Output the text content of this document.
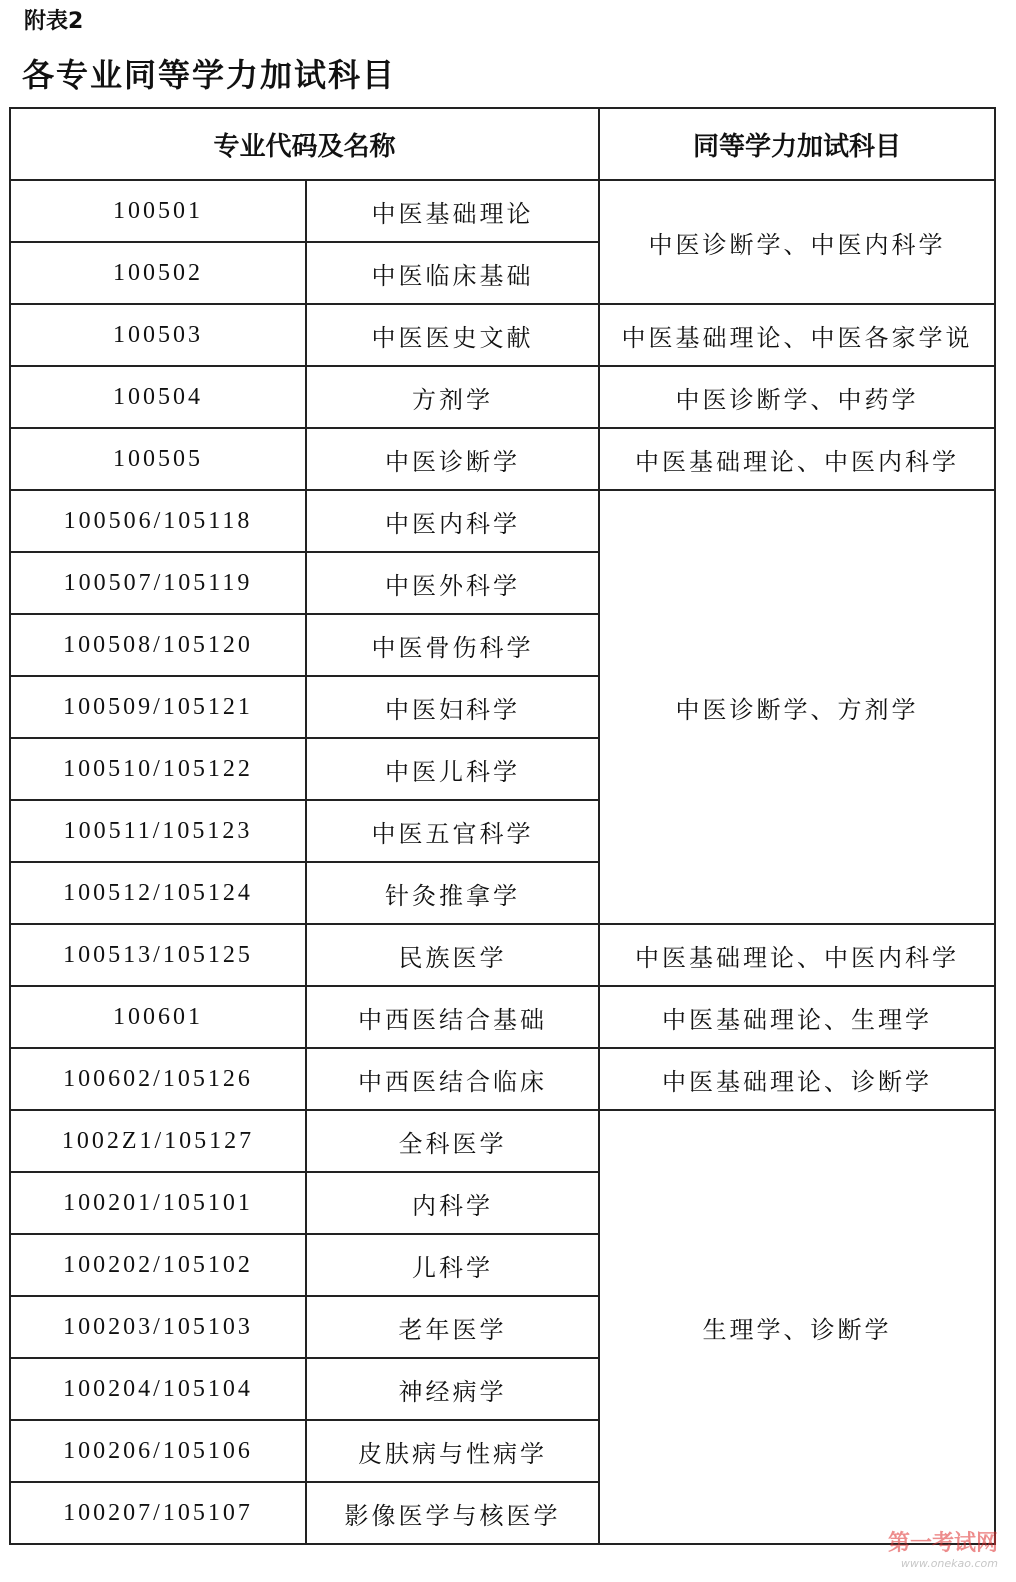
附表2
各专业同等学力加试科目
专业代码及名称		同等学力加试科目
100501	中医基础理论	中医诊断学、中医内科学
100502	中医临床基础	
100503	中医医史文献	中医基础理论、中医各家学说
100504	方剂学	中医诊断学、中药学
100505	中医诊断学	中医基础理论、中医内科学
100506/105118	中医内科学	中医诊断学、方剂学
100507/105119	中医外科学	
100508/105120	中医骨伤科学	
100509/105121	中医妇科学	
100510/105122	中医儿科学	
100511/105123	中医五官科学	
100512/105124	针灸推拿学	
100513/105125	民族医学	中医基础理论、中医内科学
100601	中西医结合基础	中医基础理论、生理学
100602/105126	中西医结合临床	中医基础理论、诊断学
1002Z1/105127	全科医学	生理学、诊断学
100201/105101	内科学	
100202/105102	儿科学	
100203/105103	老年医学	
100204/105104	神经病学	
100206/105106	皮肤病与性病学	
100207/105107	影像医学与核医学	
第一考试网
www.onekao.com
